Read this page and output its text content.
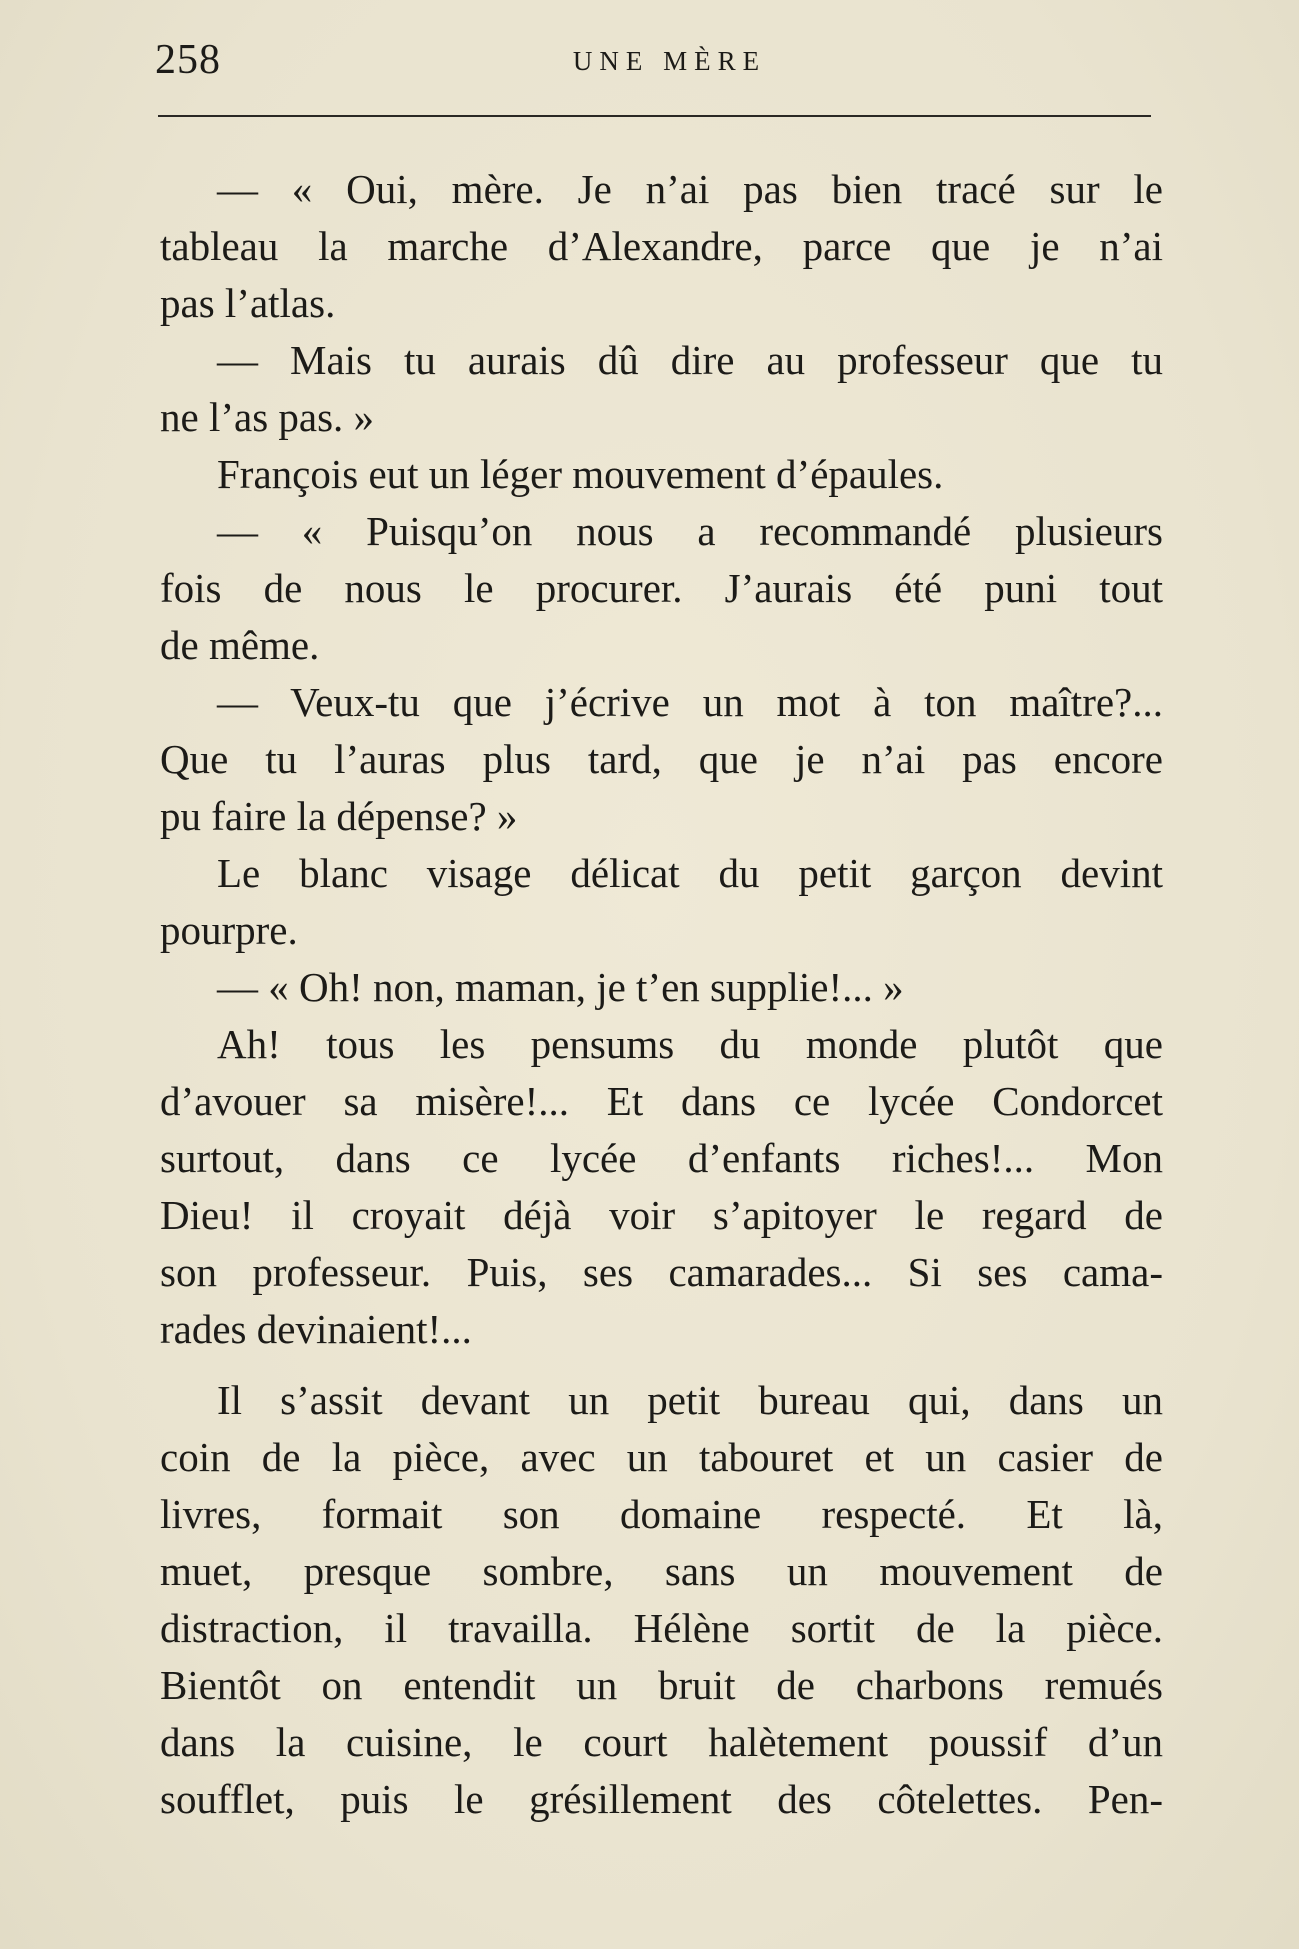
258	UNE MÈRE
— « Oui, mère. Je n’ai pas bien tracé sur le
tableau la marche d’Alexandre, parce que je n’ai
pas l’atlas.
— Mais tu aurais dû dire au professeur que tu
ne l’as pas. »
François eut un léger mouvement d’épaules.
— « Puisqu’on nous a recommandé plusieurs
fois de nous le procurer. J’aurais été puni tout
de même.
— Veux-tu que j’écrive un mot à ton maître?...
Que tu l’auras plus tard, que je n’ai pas encore
pu faire la dépense? »
Le blanc visage délicat du petit garçon devint
pourpre.
— « Oh! non, maman, je t’en supplie!... »
Ah! tous les pensums du monde plutôt que
d’avouer sa misère!... Et dans ce lycée Condorcet
surtout, dans ce lycée d’enfants riches!... Mon
Dieu! il croyait déjà voir s’apitoyer le regard de
son professeur. Puis, ses camarades... Si ses cama-
rades devinaient!...
Il s’assit devant un petit bureau qui, dans un
coin de la pièce, avec un tabouret et un casier de
livres, formait son domaine respecté. Et là,
muet, presque sombre, sans un mouvement de
distraction, il travailla. Hélène sortit de la pièce.
Bientôt on entendit un bruit de charbons remués
dans la cuisine, le court halètement poussif d’un
soufflet, puis le grésillement des côtelettes. Pen-
